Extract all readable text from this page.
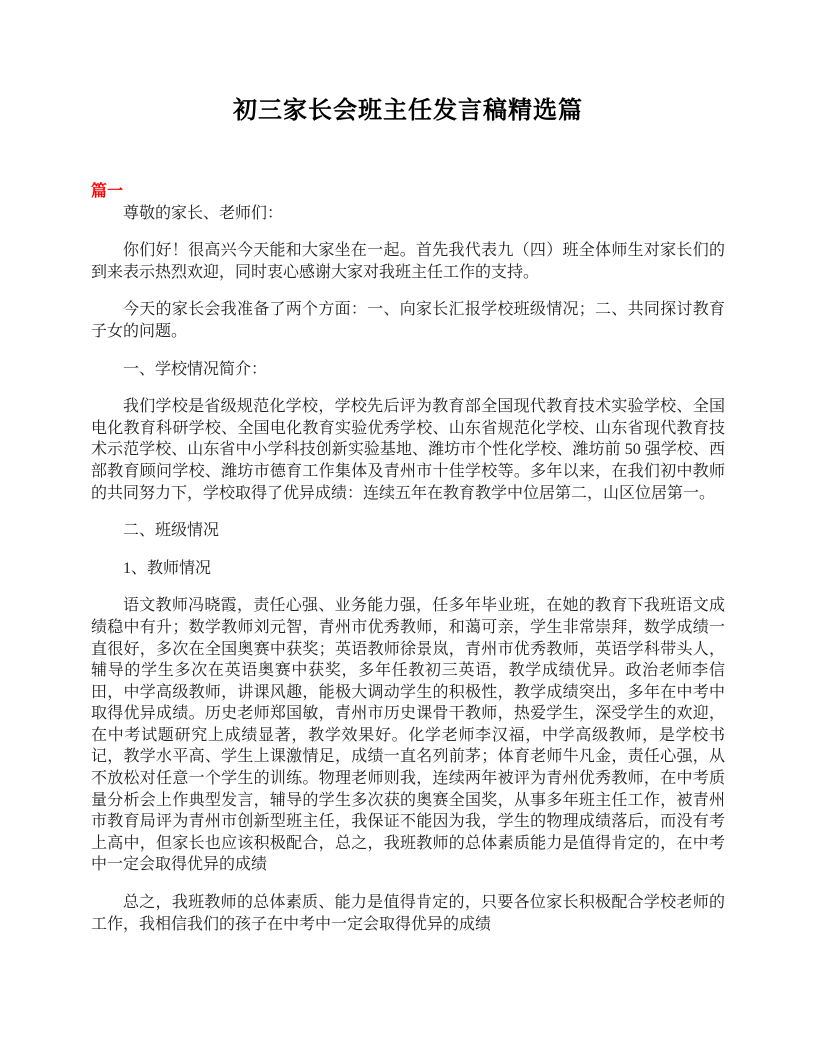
初三家长会班主任发言稿精选篇
篇一

尊敬的家长、老师们：

你们好！很高兴今天能和大家坐在一起。首先我代表九（四）班全体师生对家长们的到来表示热烈欢迎，同时衷心感谢大家对我班主任工作的支持。

今天的家长会我准备了两个方面：一、向家长汇报学校班级情况；二、共同探讨教育子女的问题。

一、学校情况简介：

我们学校是省级规范化学校，学校先后评为教育部全国现代教育技术实验学校、全国电化教育科研学校、全国电化教育实验优秀学校、山东省规范化学校、山东省现代教育技术示范学校、山东省中小学科技创新实验基地、潍坊市个性化学校、潍坊前 50 强学校、西部教育顾问学校、潍坊市德育工作集体及青州市十佳学校等。多年以来，在我们初中教师的共同努力下，学校取得了优异成绩：连续五年在教育教学中位居第二，山区位居第一。

二、班级情况

1、教师情况

语文教师冯晓霞，责任心强、业务能力强，任多年毕业班，在她的教育下我班语文成绩稳中有升；数学教师刘元智，青州市优秀教师，和蔼可亲，学生非常崇拜，数学成绩一直很好，多次在全国奥赛中获奖；英语教师徐景岚，青州市优秀教师，英语学科带头人，辅导的学生多次在英语奥赛中获奖，多年任教初三英语，教学成绩优异。政治老师李信田，中学高级教师，讲课风趣，能极大调动学生的积极性，教学成绩突出，多年在中考中取得优异成绩。历史老师郑国敏，青州市历史课骨干教师，热爱学生，深受学生的欢迎，在中考试题研究上成绩显著，教学效果好。化学老师李汉福，中学高级教师，是学校书记，教学水平高、学生上课激情足，成绩一直名列前茅；体育老师牛凡金，责任心强，从不放松对任意一个学生的训练。物理老师则我，连续两年被评为青州优秀教师，在中考质量分析会上作典型发言，辅导的学生多次获的奥赛全国奖，从事多年班主任工作，被青州市教育局评为青州市创新型班主任，我保证不能因为我，学生的物理成绩落后，而没有考上高中，但家长也应该积极配合，总之，我班教师的总体素质能力是值得肯定的，在中考中一定会取得优异的成绩

总之，我班教师的总体素质、能力是值得肯定的，只要各位家长积极配合学校老师的工作，我相信我们的孩子在中考中一定会取得优异的成绩
